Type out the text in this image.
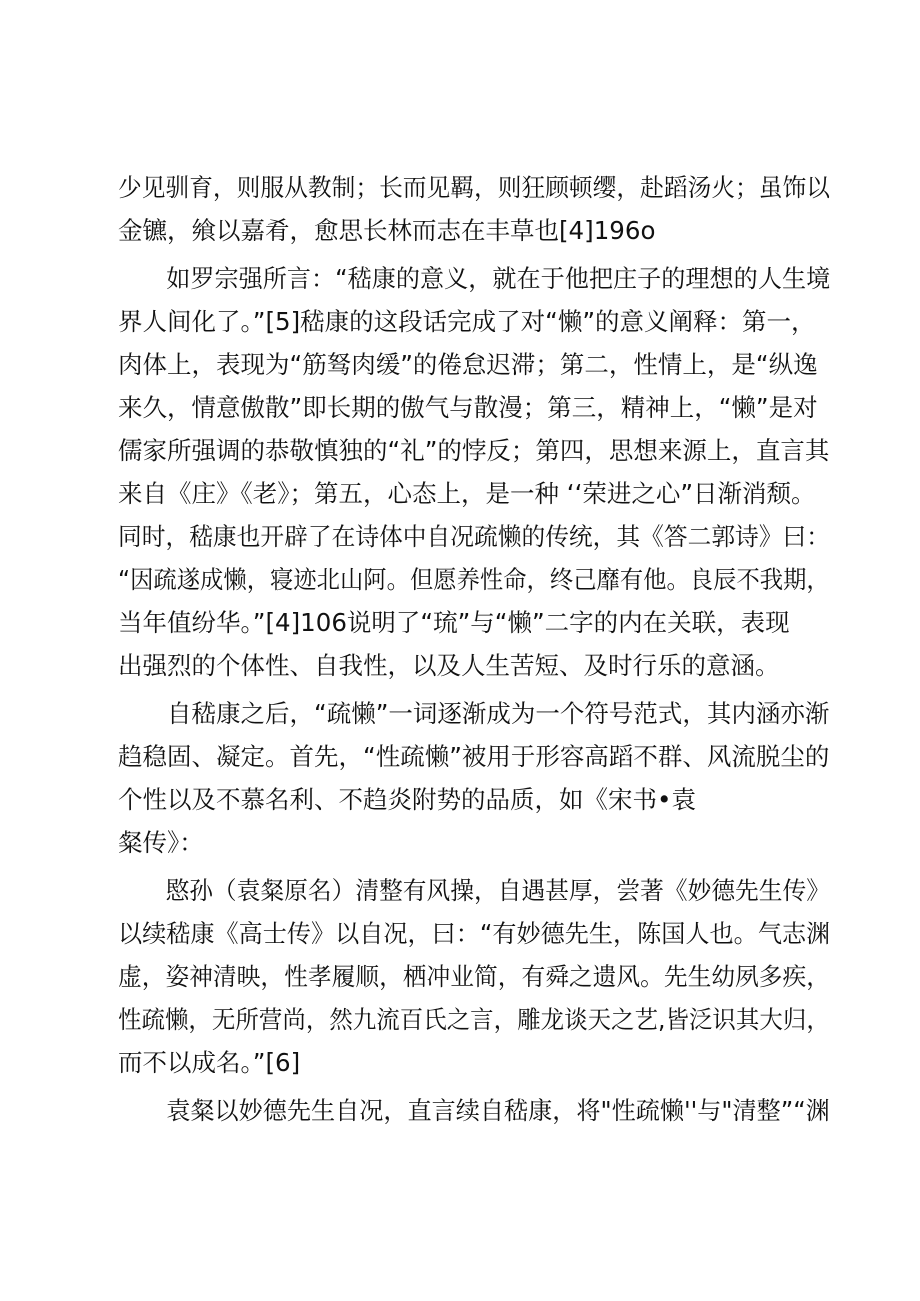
少见驯育，则服从教制；长而见羁，则狂顾顿缨，赴蹈汤火；虽饰以
金镳，飨以嘉肴，愈思长林而志在丰草也[4]196o
如罗宗强所言：“嵇康的意义，就在于他把庄子的理想的人生境
界人间化了。”[5]嵇康的这段话完成了对“懒”的意义阐释：第一，
肉体上，表现为“筋驽肉缓”的倦怠迟滞；第二，性情上，是“纵逸
来久，情意傲散”即长期的傲气与散漫；第三，精神上，“懒”是对
儒家所强调的恭敬慎独的“礼”的悖反；第四，思想来源上，直言其
来自《庄》《老》；第五，心态上，是一种 ‘‘荣进之心”日渐消颓。
同时，嵇康也开辟了在诗体中自况疏懒的传统，其《答二郭诗》曰：
“因疏遂成懒，寝迹北山阿。但愿养性命，终己靡有他。良辰不我期，
当年值纷华。”[4]106说明了“琉”与“懒”二字的内在关联，表现
出强烈的个体性、自我性，以及人生苦短、及时行乐的意涵。
自嵇康之后，“疏懒”一词逐渐成为一个符号范式，其内涵亦渐
趋稳固、凝定。首先，“性疏懒”被用于形容高蹈不群、风流脱尘的
个性以及不慕名利、不趋炎附势的品质，如《宋书•袁
粲传》：
愍孙（袁粲原名）清整有风操，自遇甚厚，尝著《妙德先生传》
以续嵇康《高士传》以自况，曰：“有妙德先生，陈国人也。气志渊
虚，姿神清映，性孝履顺，栖冲业简，有舜之遗风。先生幼夙多疾，
性疏懒，无所营尚，然九流百氏之言，雕龙谈天之艺,皆泛识其大归，
而不以成名。”[6]
袁粲以妙德先生自况，直言续自嵇康，将"性疏懒''与"清整”“渊
